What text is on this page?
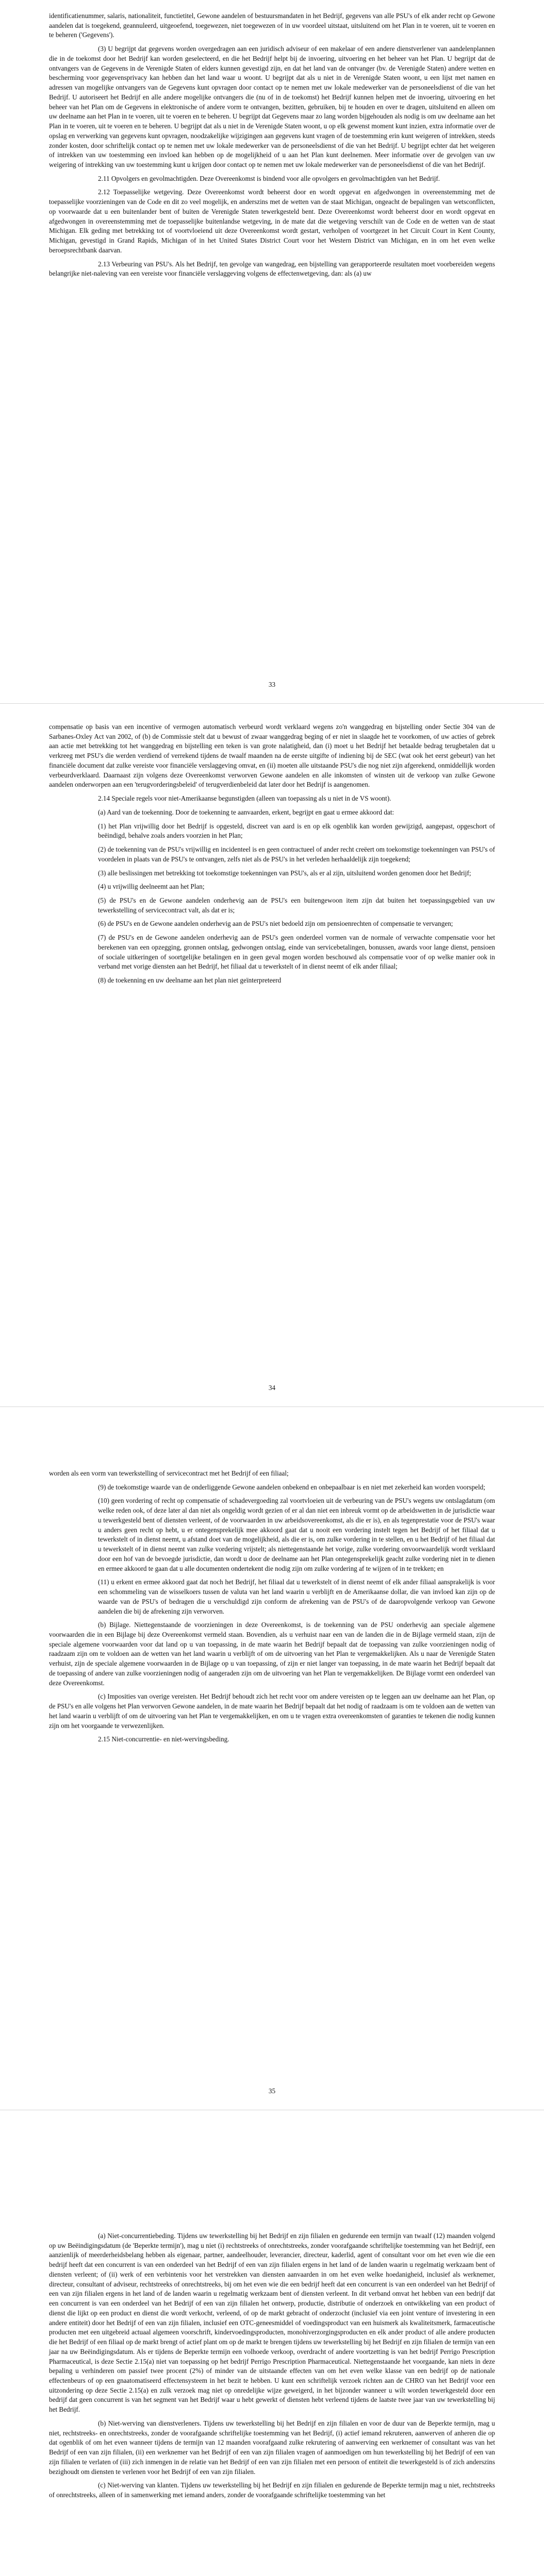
identificatienummer, salaris, nationaliteit, functietitel, Gewone aandelen of bestuursmandaten in het Bedrijf, gegevens van alle PSU's of elk ander recht op Gewone aandelen dat is toegekend, geannuleerd, uitgeoefend, toegewezen, niet toegewezen of in uw voordeel uitstaat, uitsluitend om het Plan in te voeren, uit te voeren en te beheren ('Gegevens').

(3) U begrijpt dat gegevens worden overgedragen aan een juridisch adviseur of een makelaar of een andere dienstverlener van aandelenplannen die in de toekomst door het Bedrijf kan worden geselecteerd, en die het Bedrijf helpt bij de invoering, uitvoering en het beheer van het Plan. U begrijpt dat de ontvangers van de Gegevens in de Verenigde Staten of elders kunnen gevestigd zijn, en dat het land van de ontvanger (bv. de Verenigde Staten) andere wetten en bescherming voor gegevensprivacy kan hebben dan het land waar u woont. U begrijpt dat als u niet in de Verenigde Staten woont, u een lijst met namen en adressen van mogelijke ontvangers van de Gegevens kunt opvragen door contact op te nemen met uw lokale medewerker van de personeelsdienst of die van het Bedrijf. U autoriseert het Bedrijf en alle andere mogelijke ontvangers die (nu of in de toekomst) het Bedrijf kunnen helpen met de invoering, uitvoering en het beheer van het Plan om de Gegevens in elektronische of andere vorm te ontvangen, bezitten, gebruiken, bij te houden en over te dragen, uitsluitend en alleen om uw deelname aan het Plan in te voeren, uit te voeren en te beheren. U begrijpt dat Gegevens maar zo lang worden bijgehouden als nodig is om uw deelname aan het Plan in te voeren, uit te voeren en te beheren. U begrijpt dat als u niet in de Verenigde Staten woont, u op elk gewenst moment kunt inzien, extra informatie over de opslag en verwerking van gegevens kunt opvragen, noodzakelijke wijzigingen aan gegevens kunt vragen of de toestemming erin kunt weigeren of intrekken, steeds zonder kosten, door schriftelijk contact op te nemen met uw lokale medewerker van de personeelsdienst of die van het Bedrijf. U begrijpt echter dat het weigeren of intrekken van uw toestemming een invloed kan hebben op de mogelijkheid of u aan het Plan kunt deelnemen. Meer informatie over de gevolgen van uw weigering of intrekking van uw toestemming kunt u krijgen door contact op te nemen met uw lokale medewerker van de personeelsdienst of die van het Bedrijf.

2.11 Opvolgers en gevolmachtigden. Deze Overeenkomst is bindend voor alle opvolgers en gevolmachtigden van het Bedrijf.

2.12 Toepasselijke wetgeving. Deze Overeenkomst wordt beheerst door en wordt opgevat en afgedwongen in overeenstemming met de toepasselijke voorzieningen van de Code en dit zo veel mogelijk, en anderszins met de wetten van de staat Michigan, ongeacht de bepalingen van wetsconflicten, op voorwaarde dat u een buitenlander bent of buiten de Verenigde Staten tewerkgesteld bent. Deze Overeenkomst wordt beheerst door en wordt opgevat en afgedwongen in overeenstemming met de toepasselijke buitenlandse wetgeving, in de mate dat die wetgeving verschilt van de Code en de wetten van de staat Michigan. Elk geding met betrekking tot of voortvloeiend uit deze Overeenkomst wordt gestart, verholpen of voortgezet in het Circuit Court in Kent County, Michigan, gevestigd in Grand Rapids, Michigan of in het United States District Court voor het Western District van Michigan, en in om het even welke beroepsrechtbank daarvan.

2.13 Verbeuring van PSU's. Als het Bedrijf, ten gevolge van wangedrag, een bijstelling van gerapporteerde resultaten moet voorbereiden wegens belangrijke niet-naleving van een vereiste voor financiële verslaggeving volgens de effectenwetgeving, dan: als (a) uw

33

compensatie op basis van een incentive of vermogen automatisch verbeurd wordt verklaard wegens zo'n wanggedrag en bijstelling onder Sectie 304 van de Sarbanes-Oxley Act van 2002, of (b) de Commissie stelt dat u bewust of zwaar wanggedrag beging of er niet in slaagde het te voorkomen, of uw acties of gebrek aan actie met betrekking tot het wanggedrag en bijstelling een teken is van grote nalatigheid, dan (i) moet u het Bedrijf het betaalde bedrag terugbetalen dat u verkreeg met PSU's die werden verdiend of verrekend tijdens de twaalf maanden na de eerste uitgifte of indiening bij de SEC (wat ook het eerst gebeurt) van het financiële document dat zulke vereiste voor financiële verslaggeving omvat, en (ii) moeten alle uitstaande PSU's die nog niet zijn afgerekend, onmiddellijk worden verbeurdverklaard. Daarnaast zijn volgens deze Overeenkomst verworven Gewone aandelen en alle inkomsten of winsten uit de verkoop van zulke Gewone aandelen onderworpen aan een 'terugvorderingsbeleid' of terugverdienbeleid dat later door het Bedrijf is aangenomen.

2.14 Speciale regels voor niet-Amerikaanse begunstigden (alleen van toepassing als u niet in de VS woont).

(a) Aard van de toekenning. Door de toekenning te aanvaarden, erkent, begrijpt en gaat u ermee akkoord dat:

(1) het Plan vrijwillig door het Bedrijf is opgesteld, discreet van aard is en op elk ogenblik kan worden gewijzigd, aangepast, opgeschort of beëindigd, behalve zoals anders voorzien in het Plan;

(2) de toekenning van de PSU's vrijwillig en incidenteel is en geen contractueel of ander recht creëert om toekomstige toekenningen van PSU's of voordelen in plaats van de PSU's te ontvangen, zelfs niet als de PSU's in het verleden herhaaldelijk zijn toegekend;

(3) alle beslissingen met betrekking tot toekomstige toekenningen van PSU's, als er al zijn, uitsluitend worden genomen door het Bedrijf;

(4) u vrijwillig deelneemt aan het Plan;

(5) de PSU's en de Gewone aandelen onderhevig aan de PSU's een buitengewoon item zijn dat buiten het toepassingsgebied van uw tewerkstelling of servicecontract valt, als dat er is;

(6) de PSU's en de Gewone aandelen onderhevig aan de PSU's niet bedoeld zijn om pensioenrechten of compensatie te vervangen;

(7) de PSU's en de Gewone aandelen onderhevig aan de PSU's geen onderdeel vormen van de normale of verwachte compensatie voor het berekenen van een opzegging, gronnen ontslag, gedwongen ontslag, einde van servicebetalingen, bonussen, awards voor lange dienst, pensioen of sociale uitkeringen of soortgelijke betalingen en in geen geval mogen worden beschouwd als compensatie voor of op welke manier ook in verband met vorige diensten aan het Bedrijf, het filiaal dat u tewerkstelt of in dienst neemt of elk ander filiaal;

(8) de toekenning en uw deelname aan het plan niet geïnterpreteerd

34

worden als een vorm van tewerkstelling of servicecontract met het Bedrijf of een filiaal;

(9) de toekomstige waarde van de onderliggende Gewone aandelen onbekend en onbepaalbaar is en niet met zekerheid kan worden voorspeld;

(10) geen vordering of recht op compensatie of schadevergoeding zal voortvloeien uit de verbeuring van de PSU's wegens uw ontslagdatum (om welke reden ook, of deze later al dan niet als ongeldig wordt gezien of er al dan niet een inbreuk vormt op de arbeidswetten in de jurisdictie waar u tewerkgesteld bent of diensten verleent, of de voorwaarden in uw arbeidsovereenkomst, als die er is), en als tegenprestatie voor de PSU's waar u anders geen recht op hebt, u er ontegensprekelijk mee akkoord gaat dat u nooit een vordering instelt tegen het Bedrijf of het filiaal dat u tewerkstelt of in dienst neemt, u afstand doet van de mogelijkheid, als die er is, om zulke vordering in te stellen, en u het Bedrijf of het filiaal dat u tewerkstelt of in dienst neemt van zulke vordering vrijstelt; als niettegenstaande het vorige, zulke vordering onvoorwaardelijk wordt verklaard door een hof van de bevoegde jurisdictie, dan wordt u door de deelname aan het Plan ontegensprekelijk geacht zulke vordering niet in te dienen en ermee akkoord te gaan dat u alle documenten ondertekent die nodig zijn om zulke vordering af te wijzen of in te trekken; en

(11) u erkent en ermee akkoord gaat dat noch het Bedrijf, het filiaal dat u tewerkstelt of in dienst neemt of elk ander filiaal aansprakelijk is voor een schommeling van de wisselkoers tussen de valuta van het land waarin u verblijft en de Amerikaanse dollar, die van invloed kan zijn op de waarde van de PSU's of bedragen die u verschuldigd zijn conform de afrekening van de PSU's of de daaropvolgende verkoop van Gewone aandelen die bij de afrekening zijn verworven.

(b) Bijlage. Niettegenstaande de voorzieningen in deze Overeenkomst, is de toekenning van de PSU onderhevig aan speciale algemene voorwaarden die in een Bijlage bij deze Overeenkomst vermeld staan. Bovendien, als u verhuist naar een van de landen die in de Bijlage vermeld staan, zijn de speciale algemene voorwaarden voor dat land op u van toepassing, in de mate waarin het Bedrijf bepaalt dat de toepassing van zulke voorzieningen nodig of raadzaam zijn om te voldoen aan de wetten van het land waarin u verblijft of om de uitvoering van het Plan te vergemakkelijken. Als u naar de Verenigde Staten verhuist, zijn de speciale algemene voorwaarden in de Bijlage op u van toepassing, of zijn er niet langer van toepassing, in de mate waarin het Bedrijf bepaalt dat de toepassing of andere van zulke voorzieningen nodig of aangeraden zijn om de uitvoering van het Plan te vergemakkelijken. De Bijlage vormt een onderdeel van deze Overeenkomst.

(c) Imposities van overige vereisten. Het Bedrijf behoudt zich het recht voor om andere vereisten op te leggen aan uw deelname aan het Plan, op de PSU's en alle volgens het Plan verworven Gewone aandelen, in de mate waarin het Bedrijf bepaalt dat het nodig of raadzaam is om te voldoen aan de wetten van het land waarin u verblijft of om de uitvoering van het Plan te vergemakkelijken, en om u te vragen extra overeenkomsten of garanties te tekenen die nodig kunnen zijn om het voorgaande te verwezenlijken.

2.15 Niet-concurrentie- en niet-wervingsbeding.

35

(a) Niet-concurrentiebeding. Tijdens uw tewerkstelling bij het Bedrijf en zijn filialen en gedurende een termijn van twaalf (12) maanden volgend op uw Beëindigingsdatum (de 'Beperkte termijn'), mag u niet (i) rechtstreeks of onrechtstreeks, zonder voorafgaande schriftelijke toestemming van het Bedrijf, een aanzienlijk of meerderheidsbelang hebben als eigenaar, partner, aandeelhouder, leverancier, directeur, kaderlid, agent of consultant voor om het even wie die een bedrijf heeft dat een concurrent is van een onderdeel van het Bedrijf of een van zijn filialen ergens in het land of de landen waarin u regelmatig werkzaam bent of diensten verleent; of (ii) werk of een verbintenis voor het verstrekken van diensten aanvaarden in om het even welke hoedanigheid, inclusief als werknemer, directeur, consultant of adviseur, rechtstreeks of onrechtstreeks, bij om het even wie die een bedrijf heeft dat een concurrent is van een onderdeel van het Bedrijf of een van zijn filialen ergens in het land of de landen waarin u regelmatig werkzaam bent of diensten verleent. In dit verband omvat het hebben van een bedrijf dat een concurrent is van een onderdeel van het Bedrijf of een van zijn filialen het ontwerp, productie, distributie of onderzoek en ontwikkeling van een product of dienst die lijkt op een product en dienst die wordt verkocht, verleend, of op de markt gebracht of onderzocht (inclusief via een joint venture of investering in een andere entiteit) door het Bedrijf of een van zijn filialen, inclusief een OTC-geneesmiddel of voedingsproduct van een huismerk als kwaliteitsmerk, farmaceutische producten met een uitgebreid actuaal algemeen voorschrift, kindervoedingsproducten, monohiverzorgingsproducten en elk ander product of alle andere producten die het Bedrijf of een filiaal op de markt brengt of actief plant om op de markt te brengen tijdens uw tewerkstelling bij het Bedrijf en zijn filialen de termijn van een jaar na uw Beëindigingsdatum. Als er tijdens de Beperkte termijn een volhoede verkoop, overdracht of andere voortzetting is van het bedrijf Perrigo Prescription Pharmaceutical, is deze Sectie 2.15(a) niet van toepassing op het bedrijf Perrigo Prescription Pharmaceutical. Niettegenstaande het voorgaande, kan niets in deze bepaling u verhinderen om passief twee procent (2%) of minder van de uitstaande effecten van om het even welke klasse van een bedrijf op de nationale effectenbeurs of op een gnaatomatiseerd effectensysteem in het bezit te hebben. U kunt een schriftelijk verzoek richten aan de CHRO van het Bedrijf voor een uitzondering op deze Sectie 2.15(a) en zulk verzoek mag niet op onredelijke wijze geweigerd, in het bijzonder wanneer u wilt worden tewerkgesteld door een bedrijf dat geen concurrent is van het segment van het Bedrijf waar u hebt gewerkt of diensten hebt verleend tijdens de laatste twee jaar van uw tewerkstelling bij het Bedrijf.

(b) Niet-werving van dienstverleners. Tijdens uw tewerkstelling bij het Bedrijf en zijn filialen en voor de duur van de Beperkte termijn, mag u niet, rechtstreeks- en onrechtstreeks, zonder de voorafgaande schriftelijke toestemming van het Bedrijf, (i) actief iemand rekruteren, aanwerven of anheren die op dat ogenblik of om het even wanneer tijdens de termijn van 12 maanden voorafgaand zulke rekrutering of aanwerving een werknemer of consultant was van het Bedrijf of een van zijn filialen, (ii) een werknemer van het Bedrijf of een van zijn filialen vragen of aanmoedigen om hun tewerkstelling bij het Bedrijf of een van zijn filialen te verlaten of (iii) zich inmengen in de relatie van het Bedrijf of een van zijn filialen met een persoon of entiteit die tewerkgesteld is of zich anderszins bezighoudt om diensten te verlenen voor het Bedrijf of een van zijn filialen.

(c) Niet-werving van klanten. Tijdens uw tewerkstelling bij het Bedrijf en zijn filialen en gedurende de Beperkte termijn mag u niet, rechtstreeks of onrechtstreeks, alleen of in samenwerking met iemand anders, zonder de voorafgaande schriftelijke toestemming van het
